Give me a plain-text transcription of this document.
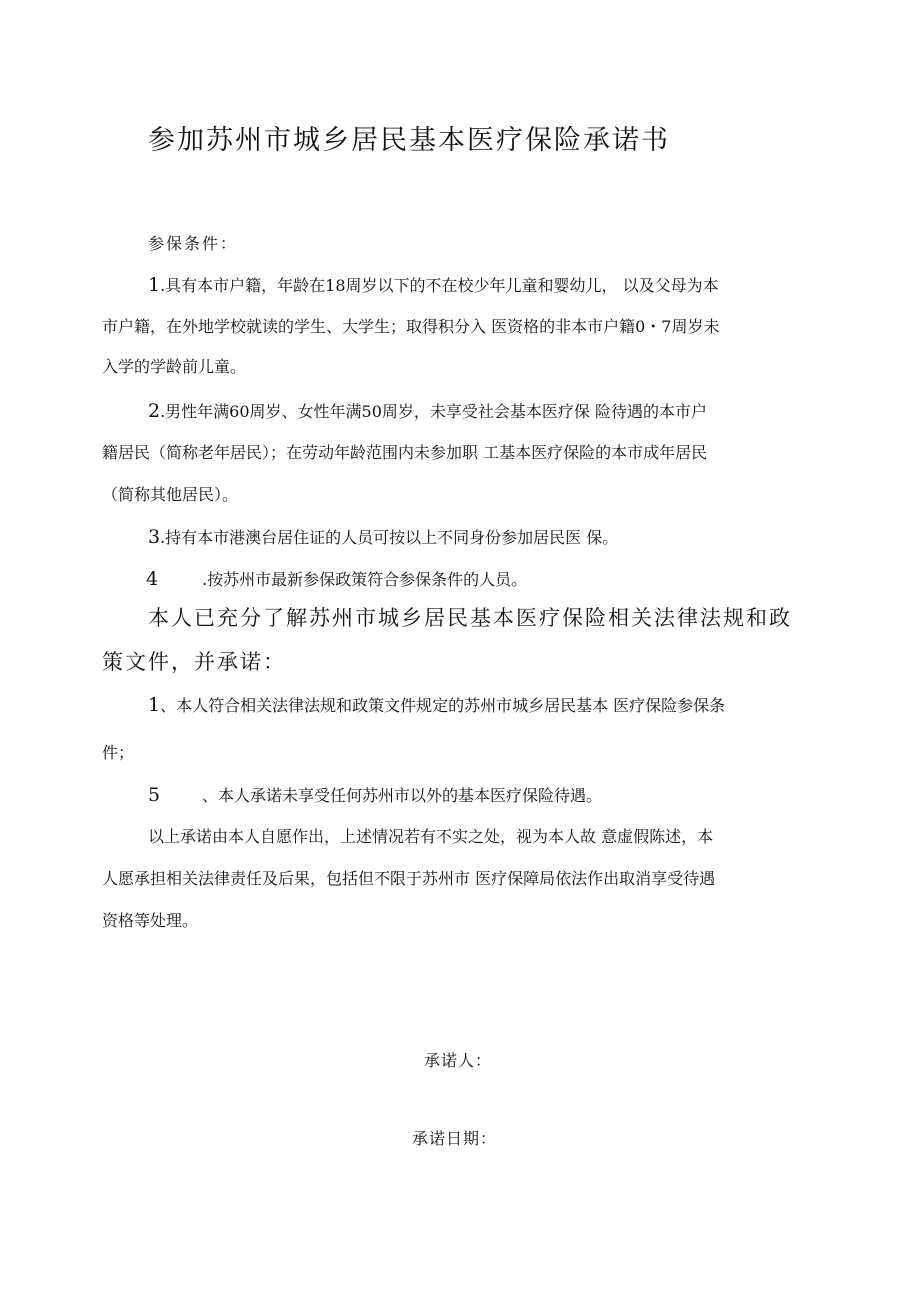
参加苏州市城乡居民基本医疗保险承诺书
参保条件：
1.具有本市户籍，年龄在18周岁以下的不在校少年儿童和婴幼儿， 以及父母为本
市户籍，在外地学校就读的学生、大学生；取得积分入 医资格的非本市户籍0・7周岁未
入学的学龄前儿童。
2.男性年满60周岁、女性年满50周岁，未享受社会基本医疗保 险待遇的本市户
籍居民（简称老年居民）；在劳动年龄范围内未参加职 工基本医疗保险的本市成年居民
（简称其他居民）。
3.持有本市港澳台居住证的人员可按以上不同身份参加居民医 保。
4	.按苏州市最新参保政策符合参保条件的人员。
本人已充分了解苏州市城乡居民基本医疗保险相关法律法规和政
策文件，并承诺：
1、本人符合相关法律法规和政策文件规定的苏州市城乡居民基本 医疗保险参保条
件；
5	、本人承诺未享受任何苏州市以外的基本医疗保险待遇。
以上承诺由本人自愿作出，上述情况若有不实之处，视为本人故 意虚假陈述，本
人愿承担相关法律责任及后果，包括但不限于苏州市 医疗保障局依法作出取消享受待遇
资格等处理。
承诺人：
承诺日期：
